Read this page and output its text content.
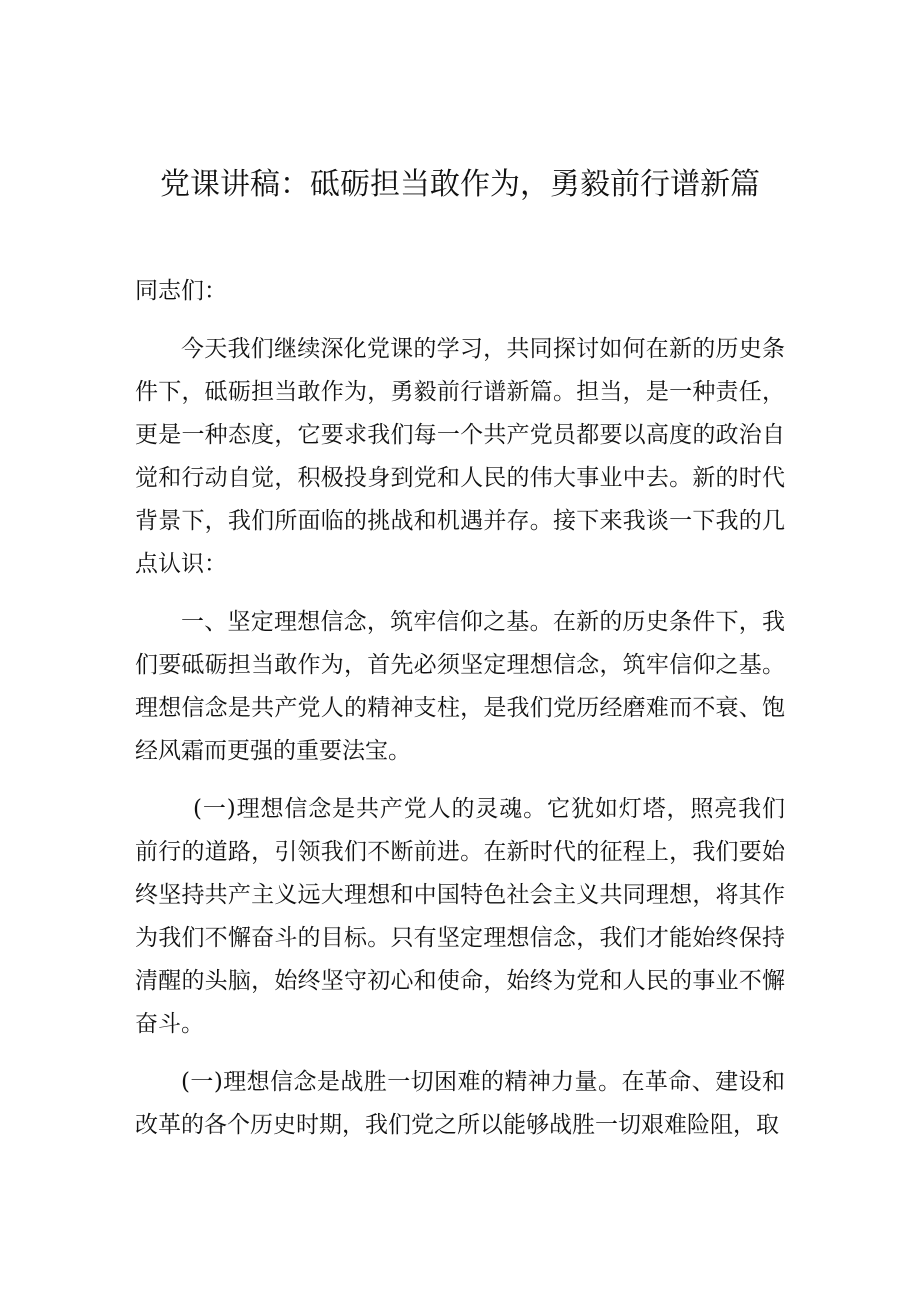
党课讲稿：砥砺担当敢作为，勇毅前行谱新篇

同志们：

今天我们继续深化党课的学习，共同探讨如何在新的历史条件下，砥砺担当敢作为，勇毅前行谱新篇。担当，是一种责任，更是一种态度，它要求我们每一个共产党员都要以高度的政治自觉和行动自觉，积极投身到党和人民的伟大事业中去。新的时代背景下，我们所面临的挑战和机遇并存。接下来我谈一下我的几点认识：

一、坚定理想信念，筑牢信仰之基。在新的历史条件下，我们要砥砺担当敢作为，首先必须坚定理想信念，筑牢信仰之基。理想信念是共产党人的精神支柱，是我们党历经磨难而不衰、饱经风霜而更强的重要法宝。

(一)理想信念是共产党人的灵魂。它犹如灯塔，照亮我们前行的道路，引领我们不断前进。在新时代的征程上，我们要始终坚持共产主义远大理想和中国特色社会主义共同理想，将其作为我们不懈奋斗的目标。只有坚定理想信念，我们才能始终保持清醒的头脑，始终坚守初心和使命，始终为党和人民的事业不懈奋斗。

(一)理想信念是战胜一切困难的精神力量。在革命、建设和改革的各个历史时期，我们党之所以能够战胜一切艰难险阻，取
